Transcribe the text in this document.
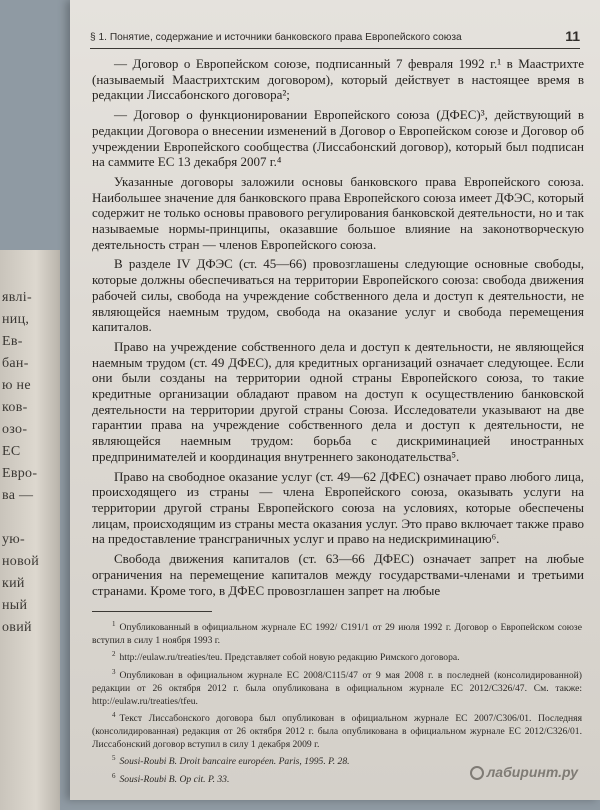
явлi-
ниц,
Ев-
бан-
ю не
ков-
озо-
ЕС
Евро-
ва —
ую-
новой
кий
ный
овий
§ 1. Понятие, содержание и источники банковского права Европейского союза	11

— Договор о Европейском союзе, подписанный 7 февраля 1992 г.¹ в Маастрихте (называемый Маастрихтским договором), который действует в настоящее время в редакции Лиссабонского договора²;

— Договор о функционировании Европейского союза (ДФЕС)³, действующий в редакции Договора о внесении изменений в Договор о Европейском союзе и Договор об учреждении Европейского сообщества (Лиссабонский договор), который был подписан на саммите ЕС 13 декабря 2007 г.⁴

Указанные договоры заложили основы банковского права Европейского союза. Наибольшее значение для банковского права Европейского союза имеет ДФЭС, который содержит не только основы правового регулирования банковской деятельности, но и так называемые нормы-принципы, оказавшие большое влияние на законотворческую деятельность стран — членов Европейского союза.

В разделе IV ДФЭС (ст. 45—66) провозглашены следующие основные свободы, которые должны обеспечиваться на территории Европейского союза: свобода движения рабочей силы, свобода на учреждение собственного дела и доступ к деятельности, не являющейся наемным трудом, свобода на оказание услуг и свобода перемещения капиталов.

Право на учреждение собственного дела и доступ к деятельности, не являющейся наемным трудом (ст. 49 ДФЕС), для кредитных организаций означает следующее. Если они были созданы на территории одной страны Европейского союза, то такие кредитные организации обладают правом на доступ к осуществлению банковской деятельности на территории другой страны Союза. Исследователи указывают на две гарантии права на учреждение собственного дела и доступ к деятельности, не являющейся наемным трудом: борьба с дискриминацией иностранных предпринимателей и координация внутреннего законодательства⁵.

Право на свободное оказание услуг (ст. 49—62 ДФЕС) означает право любого лица, происходящего из страны — члена Европейского союза, оказывать услуги на территории другой страны Европейского союза на условиях, которые обеспечены лицам, происходящим из страны места оказания услуг. Это право включает также право на предоставление трансграничных услуг и право на недискриминацию⁶.

Свобода движения капиталов (ст. 63—66 ДФЕС) означает запрет на любые ограничения на перемещение капиталов между государствами-членами и третьими странами. Кроме того, в ДФЕС провозглашен запрет на любые

$^1$ Опубликованный в официальном журнале ЕС 1992/ С191/1 от 29 июля 1992 г. Договор о Европейском союзе вступил в силу 1 ноября 1993 г.

$^2$ http://eulaw.ru/treaties/teu. Представляет собой новую редакцию Римского договора.

$^3$ Опубликован в официальном журнале ЕС 2008/C115/47 от 9 мая 2008 г. в последней (консолидированной) редакции от 26 октября 2012 г. была опубликована в официальном журнале ЕС 2012/C326/47. См. также: http://eulaw.ru/treaties/tfeu.

$^4$ Текст Лиссабонского договора был опубликован в официальном журнале ЕС 2007/C306/01. Последняя (консолидированная) редакция от 26 октября 2012 г. была опубликована в официальном журнале ЕС 2012/C326/01. Лиссабонский договор вступил в силу 1 декабря 2009 г.

$^5$ Sousi-Roubi B. Droit bancaire européen. Paris, 1995. P. 28.

$^6$ Sousi-Roubi B. Op cit. P. 33.	лабиринт.ру
